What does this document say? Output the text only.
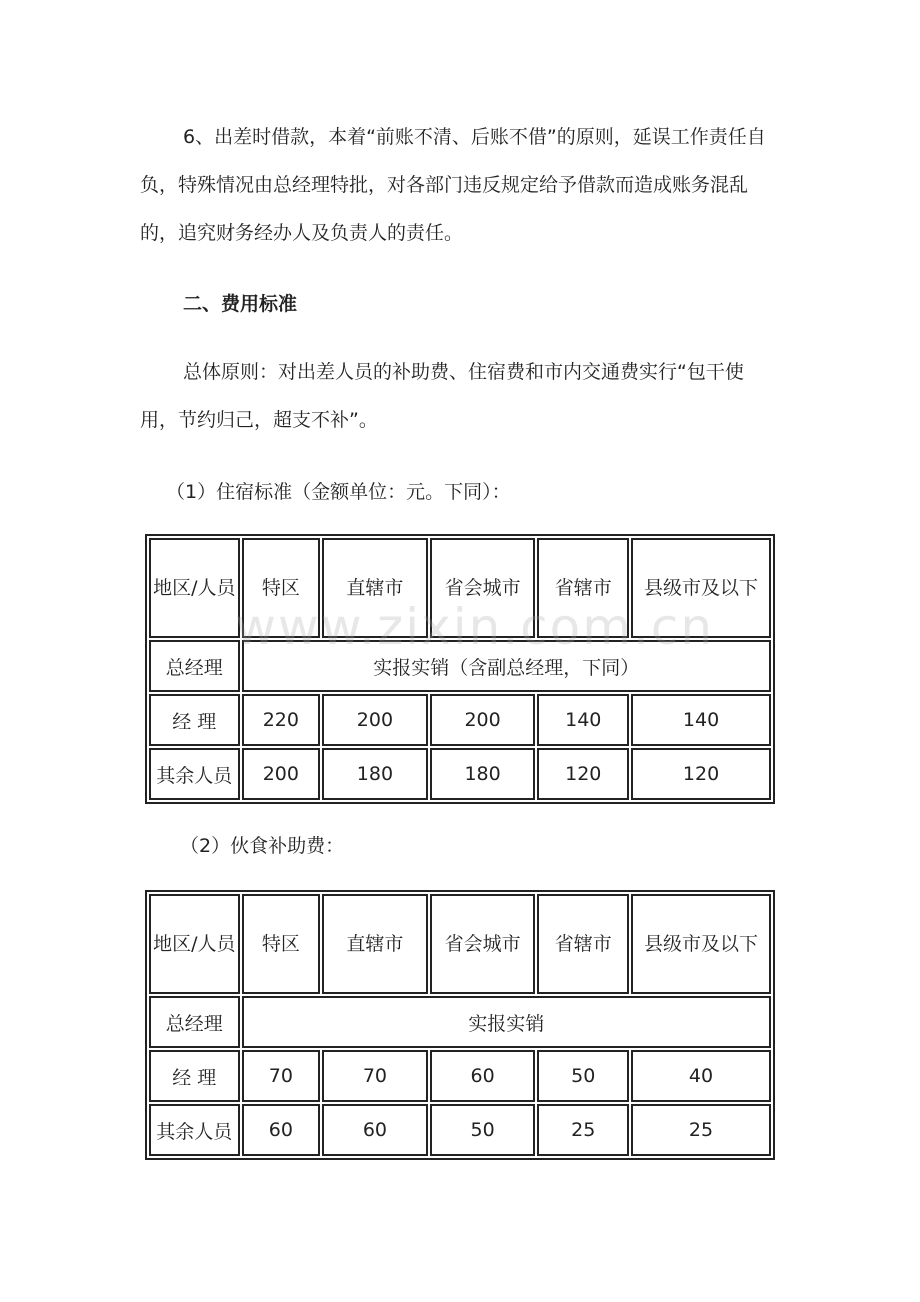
6、出差时借款，本着“前账不清、后账不借”的原则，延误工作责任自负，特殊情况由总经理特批，对各部门违反规定给予借款而造成账务混乱的，追究财务经办人及负责人的责任。

二、费用标准

总体原则：对出差人员的补助费、住宿费和市内交通费实行“包干使用，节约归己，超支不补”。

（1）住宿标准（金额单位：元。下同）：

地区/人员	特区	直辖市	省会城市	省辖市	县级市及以下
总经理	实报实销（含副总经理，下同）				
经 理	220	200	200	140	140
其余人员	200	180	180	120	120

（2）伙食补助费：

地区/人员	特区	直辖市	省会城市	省辖市	县级市及以下
总经理	实报实销				
经 理	70	70	60	50	40
其余人员	60	60	50	25	25
www.zixin.com.cn
